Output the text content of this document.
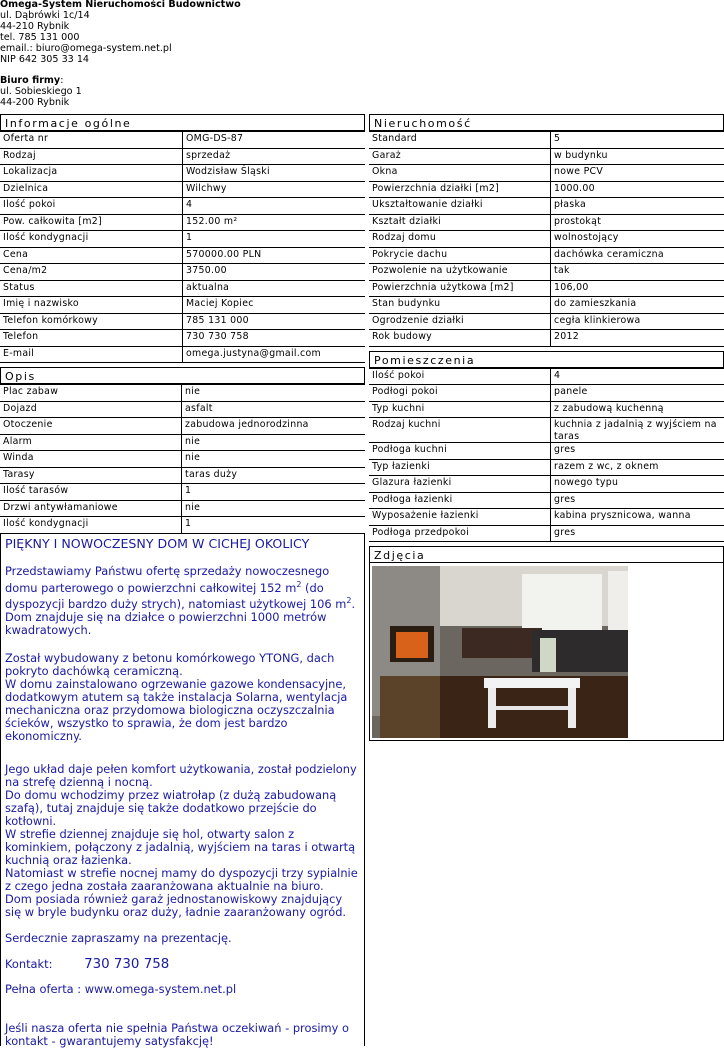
Omega-System Nieruchomości Budownictwo
ul. Dąbrówki 1c/14
44-210 Rybnik
tel. 785 131 000
email.: biuro@omega-system.net.pl
NIP 642 305 33 14
Biuro firmy:
ul. Sobieskiego 1
44-200 Rybnik
Informacje ogólne
Oferta nr	OMG-DS-87
Rodzaj	sprzedaż
Lokalizacja	Wodzisław Śląski
Dzielnica	Wilchwy
Ilość pokoi	4
Pow. całkowita [m2]	152.00 m²
Ilość kondygnacji	1
Cena	570000.00 PLN
Cena/m2	3750.00
Status	aktualna
Imię i nazwisko	Maciej Kopiec
Telefon komórkowy	785 131 000
Telefon	730 730 758
E-mail	omega.justyna@gmail.com
Opis
Plac zabaw	nie
Dojazd	asfalt
Otoczenie	zabudowa jednorodzinna
Alarm	nie
Winda	nie
Tarasy	taras duży
Ilość tarasów	1
Drzwi antywłamaniowe	nie
Ilość kondygnacji	1
PIĘKNY I NOWOCZESNY DOM W CICHEJ OKOLICY

Przedstawiamy Państwu ofertę sprzedaży nowoczesnego domu parterowego o powierzchni całkowitej 152 $m^2$ (do dyspozycji bardzo duży strych), natomiast użytkowej 106 $m^2$. Dom znajduje się na działce o powierzchni 1000 metrów kwadratowych.

Został wybudowany z betonu komórkowego YTONG, dach pokryto dachówką ceramiczną.
W domu zainstalowano ogrzewanie gazowe kondensacyjne, dodatkowym atutem są także instalacja Solarna, wentylacja mechaniczna oraz przydomowa biologiczna oczyszczalnia ścieków, wszystko to sprawia, że dom jest bardzo ekonomiczny.

Jego układ daje pełen komfort użytkowania, został podzielony na strefę dzienną i nocną.
Do domu wchodzimy przez wiatrołap (z dużą zabudowaną szafą), tutaj znajduje się także dodatkowo przejście do kotłowni.
W strefie dziennej znajduje się hol, otwarty salon z kominkiem, połączony z jadalnią, wyjściem na taras i otwartą kuchnią oraz łazienka.
Natomiast w strefie nocnej mamy do dyspozycji trzy sypialnie z czego jedna została zaaranżowana aktualnie na biuro.
Dom posiada również garaż jednostanowiskowy znajdujący się w bryle budynku oraz duży, ładnie zaaranżowany ogród.

Serdecznie zapraszamy na prezentację.

Kontakt: 730 730 758

Pełna oferta : www.omega-system.net.pl

Jeśli nasza oferta nie spełnia Państwa oczekiwań - prosimy o kontakt - gwarantujemy satysfakcję!

Nieruchomość
Standard	5
Garaż	w budynku
Okna	nowe PCV
Powierzchnia działki [m2]	1000.00
Ukształtowanie działki	płaska
Kształt działki	prostokąt
Rodzaj domu	wolnostojący
Pokrycie dachu	dachówka ceramiczna
Pozwolenie na użytkowanie	tak
Powierzchnia użytkowa [m2]	106,00
Stan budynku	do zamieszkania
Ogrodzenie działki	cegła klinkierowa
Rok budowy	2012
Pomieszczenia
Ilość pokoi	4
Podłogi pokoi	panele
Typ kuchni	z zabudową kuchenną
Rodzaj kuchni	kuchnia z jadalnią z wyjściem na taras
Podłoga kuchni	gres
Typ łazienki	razem z wc, z oknem
Glazura łazienki	nowego typu
Podłoga łazienki	gres
Wyposażenie łazienki	kabina prysznicowa, wanna
Podłoga przedpokoi	gres
Zdjęcia
